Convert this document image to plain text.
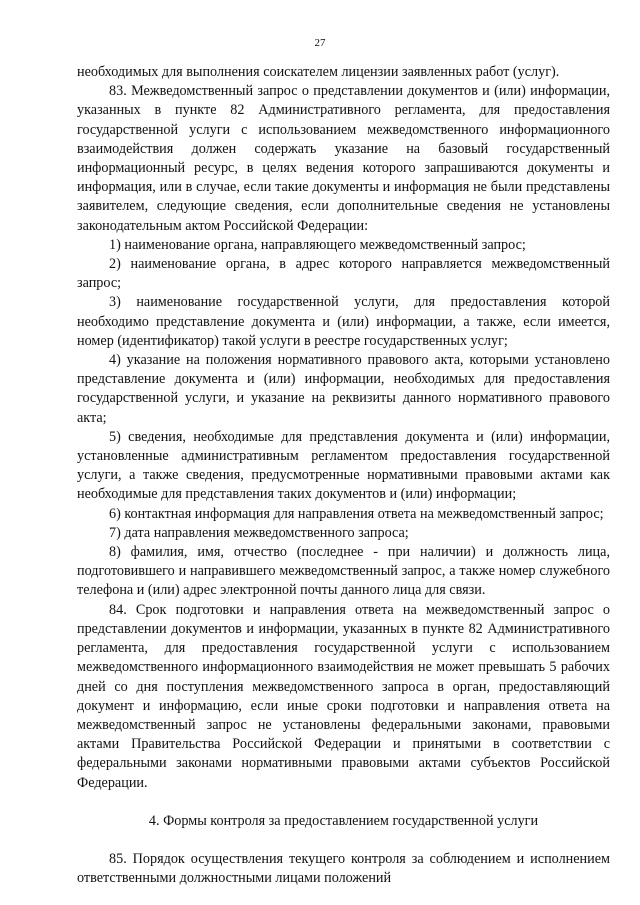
27

необходимых для выполнения соискателем лицензии заявленных работ (услуг).

83. Межведомственный запрос о представлении документов и (или) информации, указанных в пункте 82 Административного регламента, для предоставления государственной услуги с использованием межведомственного информационного взаимодействия должен содержать указание на базовый государственный информационный ресурс, в целях ведения которого запрашиваются документы и информация, или в случае, если такие документы и информация не были представлены заявителем, следующие сведения, если дополнительные сведения не установлены законодательным актом Российской Федерации:

1) наименование органа, направляющего межведомственный запрос;

2) наименование органа, в адрес которого направляется межведомственный запрос;

3) наименование государственной услуги, для предоставления которой необходимо представление документа и (или) информации, а также, если имеется, номер (идентификатор) такой услуги в реестре государственных услуг;

4) указание на положения нормативного правового акта, которыми установлено представление документа и (или) информации, необходимых для предоставления государственной услуги, и указание на реквизиты данного нормативного правового акта;

5) сведения, необходимые для представления документа и (или) информации, установленные административным регламентом предоставления государственной услуги, а также сведения, предусмотренные нормативными правовыми актами как необходимые для представления таких документов и (или) информации;

6) контактная информация для направления ответа на межведомственный запрос;

7) дата направления межведомственного запроса;

8) фамилия, имя, отчество (последнее - при наличии) и должность лица, подготовившего и направившего межведомственный запрос, а также номер служебного телефона и (или) адрес электронной почты данного лица для связи.

84. Срок подготовки и направления ответа на межведомственный запрос о представлении документов и информации, указанных в пункте 82 Административного регламента, для предоставления государственной услуги с использованием межведомственного информационного взаимодействия не может превышать 5 рабочих дней со дня поступления межведомственного запроса в орган, предоставляющий документ и информацию, если иные сроки подготовки и направления ответа на межведомственный запрос не установлены федеральными законами, правовыми актами Правительства Российской Федерации и принятыми в соответствии с федеральными законами нормативными правовыми актами субъектов Российской Федерации.

4. Формы контроля за предоставлением государственной услуги

85. Порядок осуществления текущего контроля за соблюдением и исполнением ответственными должностными лицами положений
